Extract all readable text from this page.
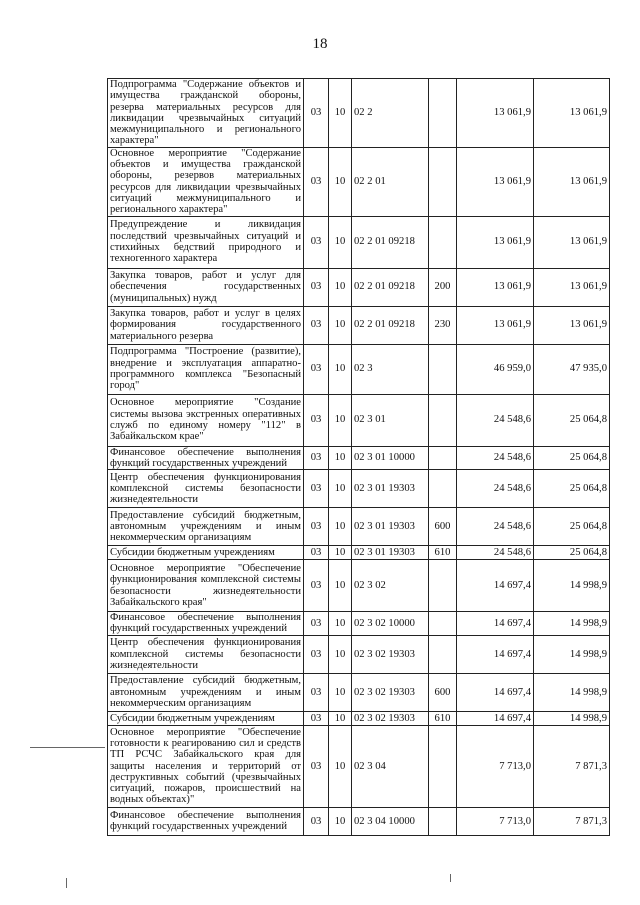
18
Подпрограмма "Содержание объектов и имущества гражданской обороны, резерва материальных ресурсов для ликвидации чрезвычайных ситуаций межмуниципального и регионального характера"	03	10	02 2		13 061,9	13 061,9
Основное мероприятие "Содержание объектов и имущества гражданской обороны, резервов материальных ресурсов для ликвидации чрезвычайных ситуаций межмуниципального и регионального характера"	03	10	02 2 01		13 061,9	13 061,9
Предупреждение и ликвидация последствий чрезвычайных ситуаций и стихийных бедствий природного и техногенного характера	03	10	02 2 01 09218		13 061,9	13 061,9
Закупка товаров, работ и услуг для обеспечения государственных (муниципальных) нужд	03	10	02 2 01 09218	200	13 061,9	13 061,9
Закупка товаров, работ и услуг в целях формирования государственного материального резерва	03	10	02 2 01 09218	230	13 061,9	13 061,9
Подпрограмма "Построение (развитие), внедрение и эксплуатация аппаратно-программного комплекса "Безопасный город"	03	10	02 3		46 959,0	47 935,0
Основное мероприятие "Создание системы вызова экстренных оперативных служб по единому номеру "112" в Забайкальском крае"	03	10	02 3 01		24 548,6	25 064,8
Финансовое обеспечение выполнения функций государственных учреждений	03	10	02 3 01 10000		24 548,6	25 064,8
Центр обеспечения функционирования комплексной системы безопасности жизнедеятельности	03	10	02 3 01 19303		24 548,6	25 064,8
Предоставление субсидий бюджетным, автономным учреждениям и иным некоммерческим организациям	03	10	02 3 01 19303	600	24 548,6	25 064,8
Субсидии бюджетным учреждениям	03	10	02 3 01 19303	610	24 548,6	25 064,8
Основное мероприятие "Обеспечение функционирования комплексной системы безопасности жизнедеятельности Забайкальского края"	03	10	02 3 02		14 697,4	14 998,9
Финансовое обеспечение выполнения функций государственных учреждений	03	10	02 3 02 10000		14 697,4	14 998,9
Центр обеспечения функционирования комплексной системы безопасности жизнедеятельности	03	10	02 3 02 19303		14 697,4	14 998,9
Предоставление субсидий бюджетным, автономным учреждениям и иным некоммерческим организациям	03	10	02 3 02 19303	600	14 697,4	14 998,9
Субсидии бюджетным учреждениям	03	10	02 3 02 19303	610	14 697,4	14 998,9
Основное мероприятие "Обеспечение готовности к реагированию сил и средств ТП РСЧС Забайкальского края для защиты населения и территорий от деструктивных событий (чрезвычайных ситуаций, пожаров, происшествий на водных объектах)"	03	10	02 3 04		7 713,0	7 871,3
Финансовое обеспечение выполнения функций государственных учреждений	03	10	02 3 04 10000		7 713,0	7 871,3
